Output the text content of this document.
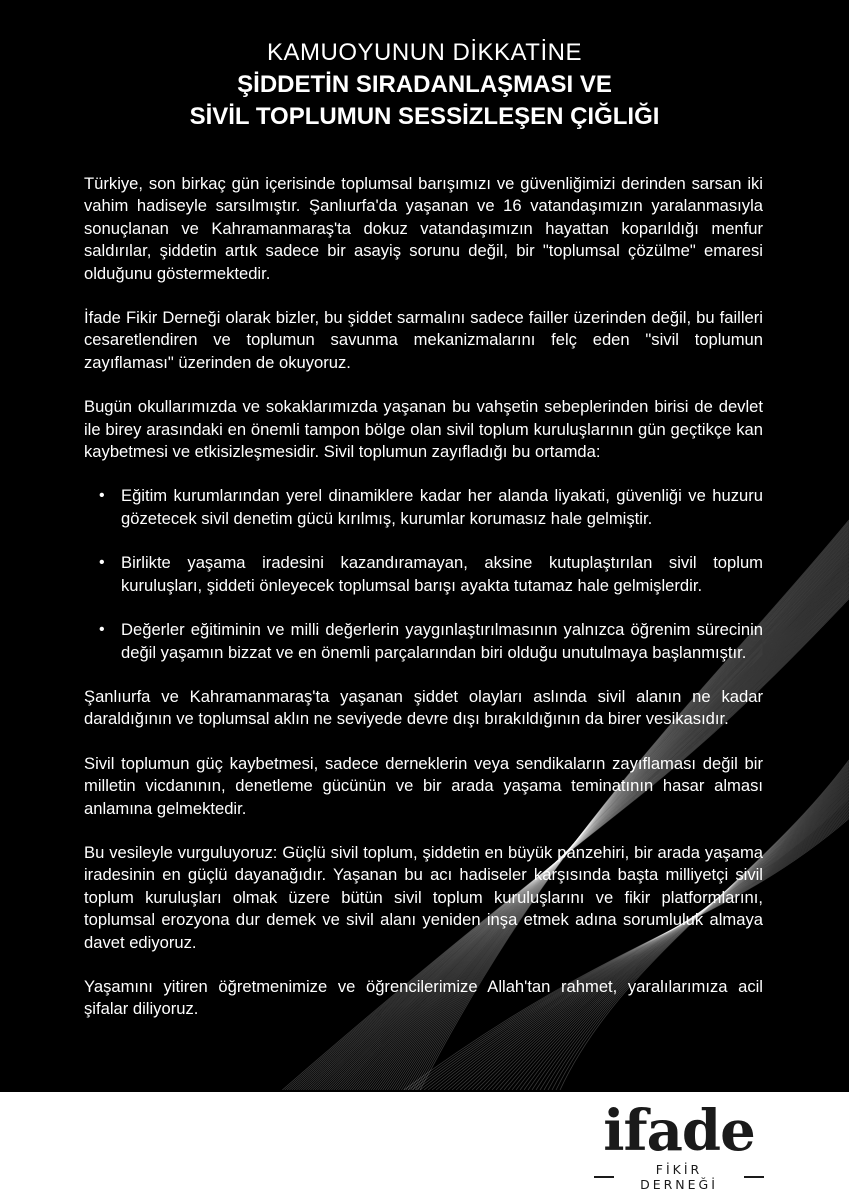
KAMUOYUNUN DİKKATİNE
ŞİDDETİN SIRADANLAŞMASI VE
SİVİL TOPLUMUN SESSİZLEŞEN ÇIĞLIĞI

Türkiye, son birkaç gün içerisinde toplumsal barışımızı ve güvenliğimizi derinden sarsan iki vahim hadiseyle sarsılmıştır. Şanlıurfa'da yaşanan ve 16 vatandaşımızın yaralanmasıyla sonuçlanan ve Kahramanmaraş'ta dokuz vatandaşımızın hayattan koparıldığı menfur saldırılar, şiddetin artık sadece bir asayiş sorunu değil, bir "toplumsal çözülme" emaresi olduğunu göstermektedir.

İfade Fikir Derneği olarak bizler, bu şiddet sarmalını sadece failler üzerinden değil, bu failleri cesaretlendiren ve toplumun savunma mekanizmalarını felç eden "sivil toplumun zayıflaması" üzerinden de okuyoruz.

Bugün okullarımızda ve sokaklarımızda yaşanan bu vahşetin sebeplerinden birisi de devlet ile birey arasındaki en önemli tampon bölge olan sivil toplum kuruluşlarının gün geçtikçe kan kaybetmesi ve etkisizleşmesidir. Sivil toplumun zayıfladığı bu ortamda:

• Eğitim kurumlarından yerel dinamiklere kadar her alanda liyakati, güvenliği ve huzuru gözetecek sivil denetim gücü kırılmış, kurumlar korumasız hale gelmiştir.
• Birlikte yaşama iradesini kazandıramayan, aksine kutuplaştırılan sivil toplum kuruluşları, şiddeti önleyecek toplumsal barışı ayakta tutamaz hale gelmişlerdir.
• Değerler eğitiminin ve milli değerlerin yaygınlaştırılmasının yalnızca öğrenim sürecinin değil yaşamın bizzat ve en önemli parçalarından biri olduğu unutulmaya başlanmıştır.

Şanlıurfa ve Kahramanmaraş'ta yaşanan şiddet olayları aslında sivil alanın ne kadar daraldığının ve toplumsal aklın ne seviyede devre dışı bırakıldığının da birer vesikasıdır.

Sivil toplumun güç kaybetmesi, sadece derneklerin veya sendikaların zayıflaması değil bir milletin vicdanının, denetleme gücünün ve bir arada yaşama teminatının hasar alması anlamına gelmektedir.

Bu vesileyle vurguluyoruz: Güçlü sivil toplum, şiddetin en büyük panzehiri, bir arada yaşama iradesinin en güçlü dayanağıdır. Yaşanan bu acı hadiseler karşısında başta milliyetçi sivil toplum kuruluşları olmak üzere bütün sivil toplum kuruluşlarını ve fikir platformlarını, toplumsal erozyona dur demek ve sivil alanı yeniden inşa etmek adına sorumluluk almaya davet ediyoruz.

Yaşamını yitiren öğretmenimize ve öğrencilerimize Allah'tan rahmet, yaralılarımıza acil şifalar diliyoruz.

ifade
FİKİR DERNEĞİ
